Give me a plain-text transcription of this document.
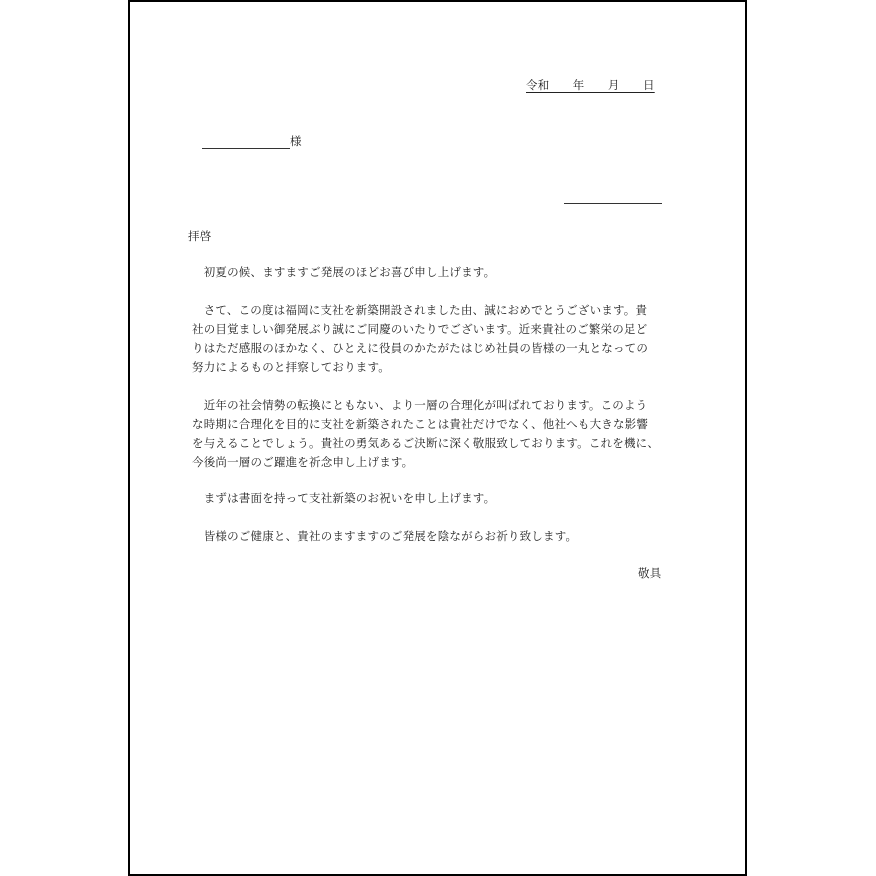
令和　　年　　月　　日
様
拝啓
　初夏の候、ますますご発展のほどお喜び申し上げます。
　さて、この度は福岡に支社を新築開設されました由、誠におめでとうございます。貴
社の目覚ましい御発展ぶり誠にご同慶のいたりでございます。近来貴社のご繁栄の足ど
りはただ感服のほかなく、ひとえに役員のかたがたはじめ社員の皆様の一丸となっての
努力によるものと拝察しております。
　近年の社会情勢の転換にともない、より一層の合理化が叫ばれております。このよう
な時期に合理化を目的に支社を新築されたことは貴社だけでなく、他社へも大きな影響
を与えることでしょう。貴社の勇気あるご決断に深く敬服致しております。これを機に、
今後尚一層のご躍進を祈念申し上げます。
　まずは書面を持って支社新築のお祝いを申し上げます。
　皆様のご健康と、貴社のますますのご発展を陰ながらお祈り致します。
敬具
